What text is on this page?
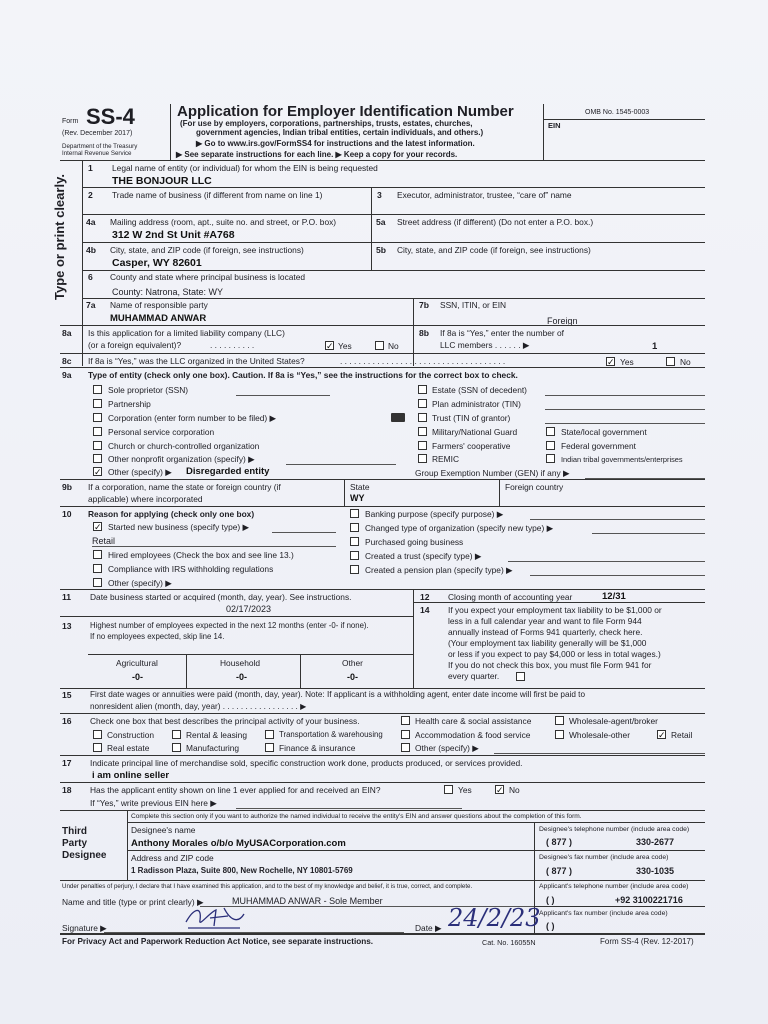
Form SS-4
(Rev. December 2017)
Department of the Treasury
Internal Revenue Service
Application for Employer Identification Number
(For use by employers, corporations, partnerships, trusts, estates, churches,
government agencies, Indian tribal entities, certain individuals, and others.)
▶ Go to www.irs.gov/FormSS4 for instructions and the latest information.
▶ See separate instructions for each line. ▶ Keep a copy for your records.
OMB No. 1545-0003
EIN
Type or print clearly.
1 Legal name of entity (or individual) for whom the EIN is being requested
THE BONJOUR LLC
2 Trade name of business (if different from name on line 1)	3 Executor, administrator, trustee, “care of” name
4a Mailing address (room, apt., suite no. and street, or P.O. box)
312 W 2nd St Unit #A768
5a Street address (if different) (Do not enter a P.O. box.)
4b City, state, and ZIP code (if foreign, see instructions)
Casper, WY 82601
5b City, state, and ZIP code (if foreign, see instructions)
6 County and state where principal business is located
County: Natrona, State: WY
7a Name of responsible party
MUHAMMAD ANWAR
7b SSN, ITIN, or EIN
Foreign
8a Is this application for a limited liability company (LLC)
(or a foreign equivalent)?	. . . . . . . . . .	✓ Yes	No
8b If 8a is “Yes,” enter the number of
LLC members . . . . . . ▶	1
8c If 8a is “Yes,” was the LLC organized in the United States?	. . . . . . . . . . . . . . . . . . . . . . . . . . . . . . . . . . . .	✓ Yes	No
9a Type of entity (check only one box). Caution. If 8a is “Yes,” see the instructions for the correct box to check.
Sole proprietor (SSN)
Partnership
Corporation (enter form number to be filed) ▶
Personal service corporation
Church or church-controlled organization
Other nonprofit organization (specify) ▶
✓ Other (specify) ▶ Disregarded entity
Estate (SSN of decedent)
Plan administrator (TIN)
Trust (TIN of grantor)
Military/National Guard
Farmers' cooperative
REMIC
State/local government
Federal government
Indian tribal governments/enterprises
Group Exemption Number (GEN) if any ▶
9b If a corporation, name the state or foreign country (if
applicable) where incorporated
State
WY
Foreign country
10 Reason for applying (check only one box)
✓ Started new business (specify type) ▶
Retail
Hired employees (Check the box and see line 13.)
Compliance with IRS withholding regulations
Other (specify) ▶
Banking purpose (specify purpose) ▶
Changed type of organization (specify new type) ▶
Purchased going business
Created a trust (specify type) ▶
Created a pension plan (specify type) ▶
11 Date business started or acquired (month, day, year). See instructions.
02/17/2023
12 Closing month of accounting year	12/31
13 Highest number of employees expected in the next 12 months (enter -0- if none).
If no employees expected, skip line 14.
Agricultural	Household	Other
-0-	-0-	-0-
14 If you expect your employment tax liability to be $1,000 or
less in a full calendar year and want to file Form 944
annually instead of Forms 941 quarterly, check here.
(Your employment tax liability generally will be $1,000
or less if you expect to pay $4,000 or less in total wages.)
If you do not check this box, you must file Form 941 for
every quarter.
15 First date wages or annuities were paid (month, day, year). Note: If applicant is a withholding agent, enter date income will first be paid to
nonresident alien (month, day, year) . . . . . . . . . . . . . . . . . ▶
16 Check one box that best describes the principal activity of your business.	Health care & social assistance	Wholesale-agent/broker
Construction	Rental & leasing	Transportation & warehousing	Accommodation & food service	Wholesale-other	✓ Retail
Real estate	Manufacturing	Finance & insurance	Other (specify) ▶
17 Indicate principal line of merchandise sold, specific construction work done, products produced, or services provided.
i am online seller
18 Has the applicant entity shown on line 1 ever applied for and received an EIN?	Yes	✓ No
If “Yes,” write previous EIN here ▶
Third
Party
Designee
Complete this section only if you want to authorize the named individual to receive the entity's EIN and answer questions about the completion of this form.
Designee's name
Anthony Morales o/b/o MyUSACorporation.com
Address and ZIP code
1 Radisson Plaza, Suite 800, New Rochelle, NY 10801-5769
Designee's telephone number (include area code)
( 877 )	330-2677
Designee's fax number (include area code)
( 877 )	330-1035
Under penalties of perjury, I declare that I have examined this application, and to the best of my knowledge and belief, it is true, correct, and complete.	Applicant's telephone number (include area code)
( )	+92 3100221716
Name and title (type or print clearly) ▶	MUHAMMAD ANWAR - Sole Member
Applicant's fax number (include area code)
( )
Signature ▶	Date ▶ 24/2/23
For Privacy Act and Paperwork Reduction Act Notice, see separate instructions.	Cat. No. 16055N	Form SS-4 (Rev. 12-2017)
